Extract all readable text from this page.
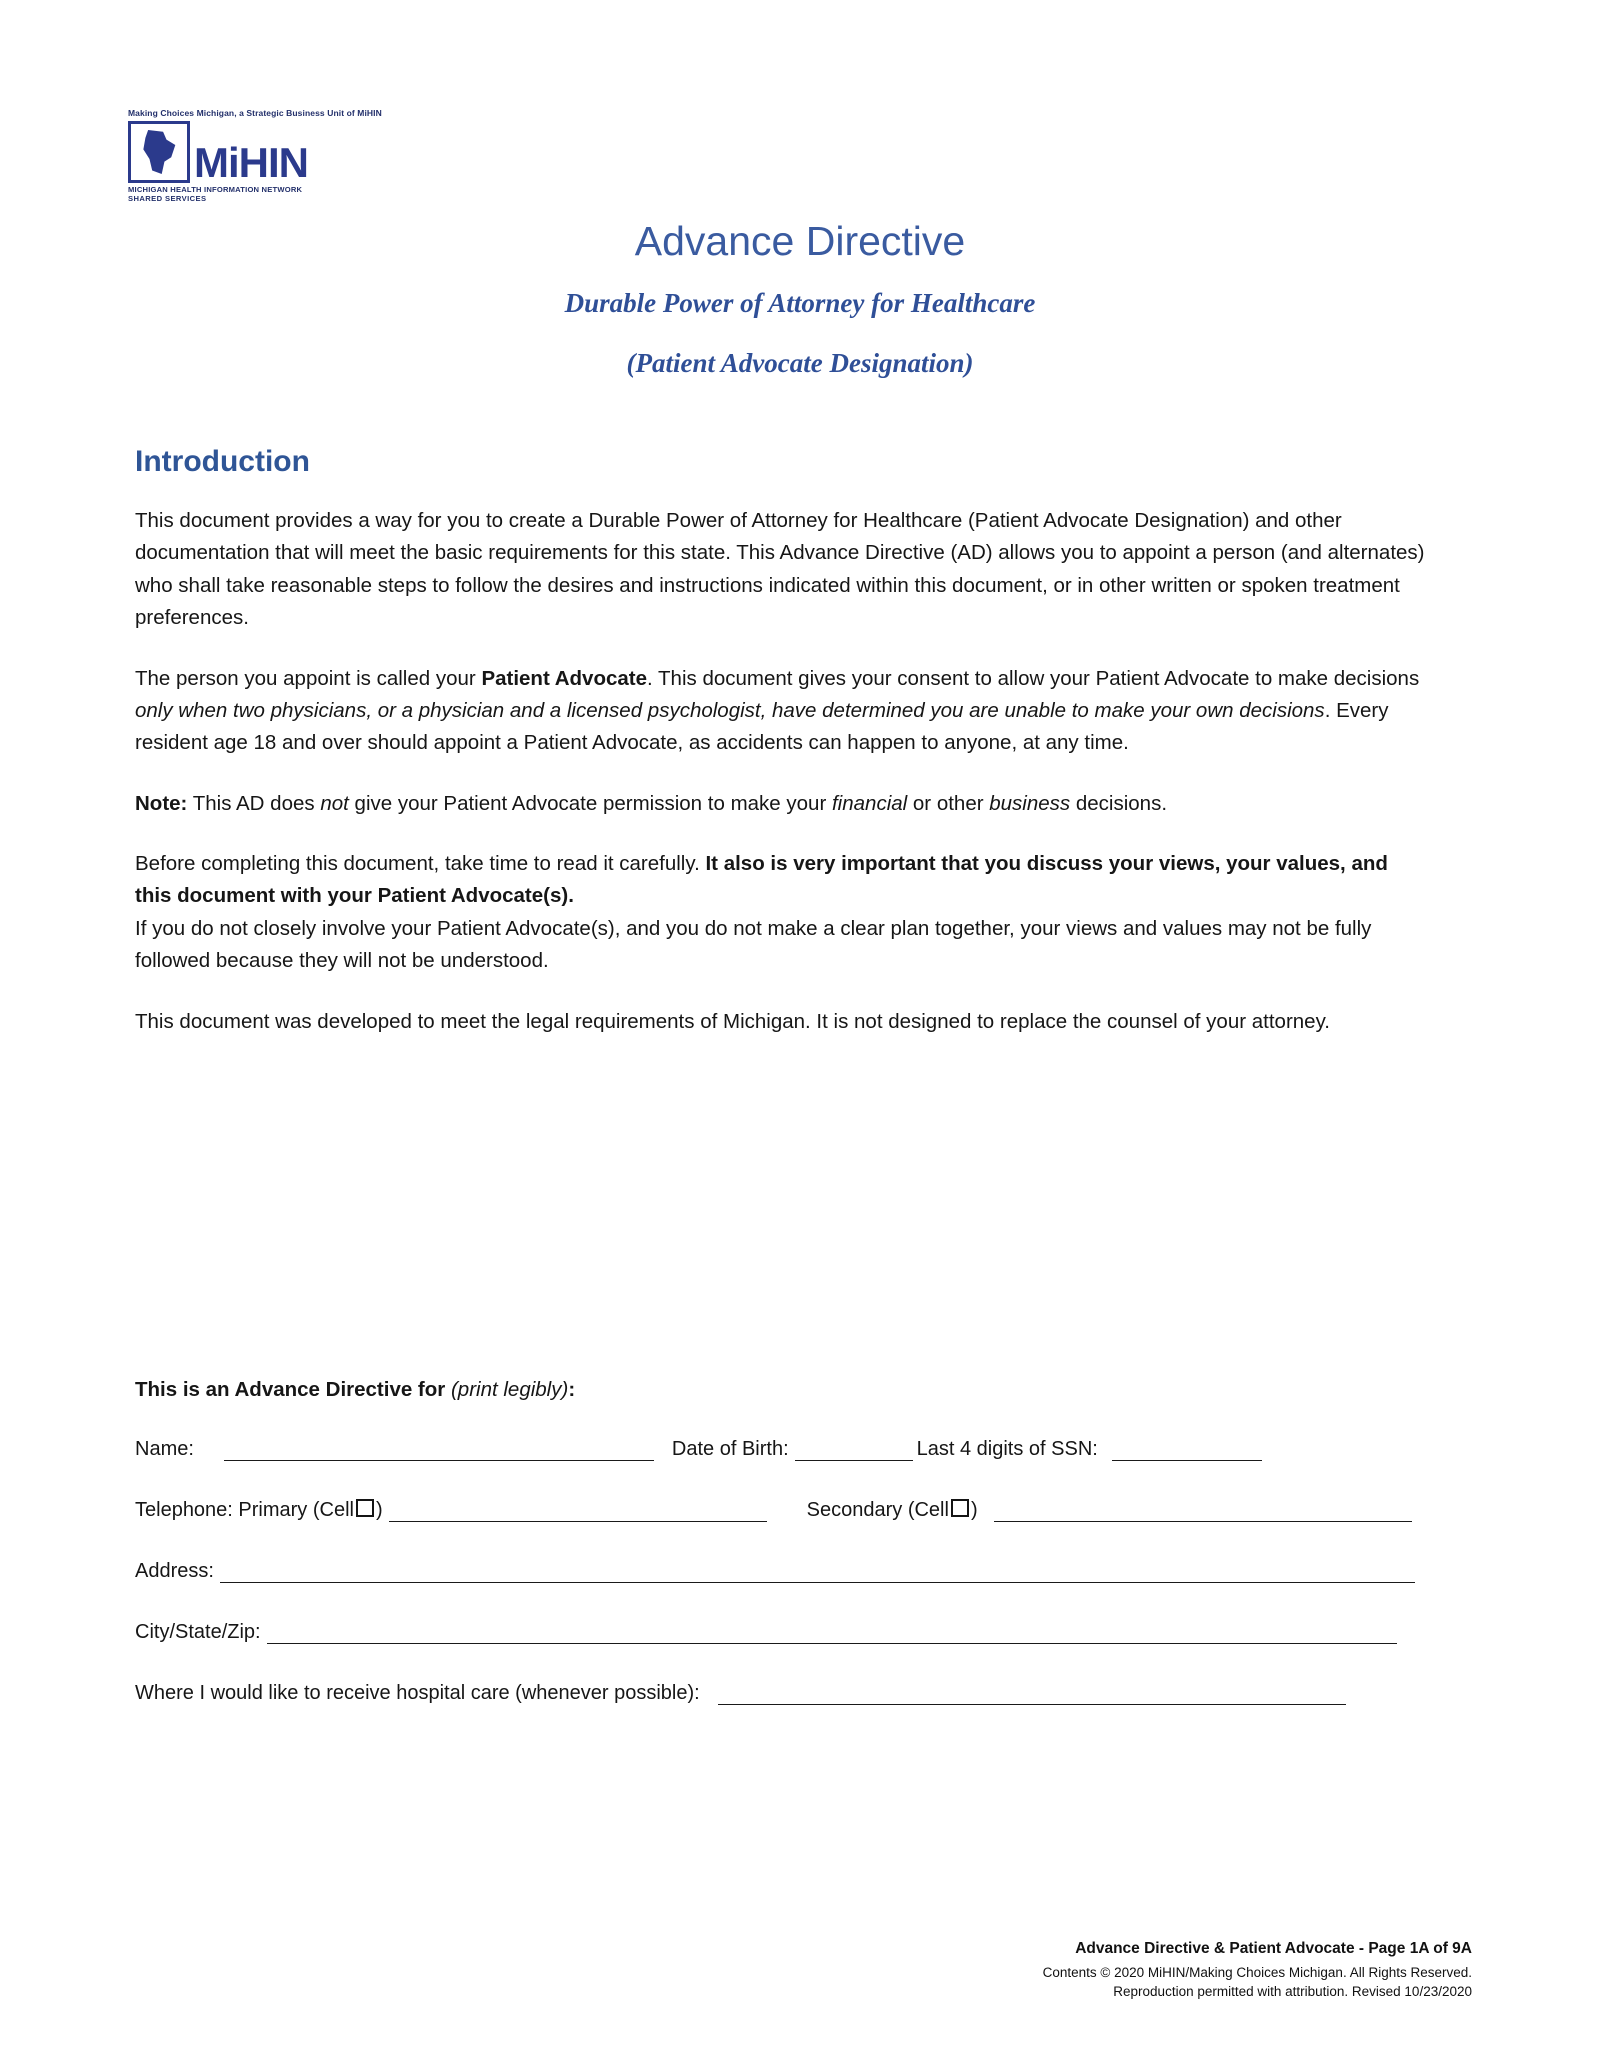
Making Choices Michigan, a Strategic Business Unit of MiHIN
MiHIN
MICHIGAN HEALTH INFORMATION NETWORK
SHARED SERVICES
Advance Directive
Durable Power of Attorney for Healthcare
(Patient Advocate Designation)
Introduction

This document provides a way for you to create a Durable Power of Attorney for Healthcare (Patient Advocate Designation) and other documentation that will meet the basic requirements for this state. This Advance Directive (AD) allows you to appoint a person (and alternates) who shall take reasonable steps to follow the desires and instructions indicated within this document, or in other written or spoken treatment preferences.

The person you appoint is called your Patient Advocate. This document gives your consent to allow your Patient Advocate to make decisions only when two physicians, or a physician and a licensed psychologist, have determined you are unable to make your own decisions. Every resident age 18 and over should appoint a Patient Advocate, as accidents can happen to anyone, at any time.

Note: This AD does not give your Patient Advocate permission to make your financial or other business decisions.

Before completing this document, take time to read it carefully. It also is very important that you discuss your views, your values, and this document with your Patient Advocate(s).

If you do not closely involve your Patient Advocate(s), and you do not make a clear plan together, your views and values may not be fully followed because they will not be understood.

This document was developed to meet the legal requirements of Michigan. It is not designed to replace the counsel of your attorney.

This is an Advance Directive for (print legibly):
Name:	Date of Birth:	Last 4 digits of SSN:
Telephone: Primary (Cell )	Secondary (Cell )
Address:
City/State/Zip:
Where I would like to receive hospital care (whenever possible):
Advance Directive & Patient Advocate - Page 1A of 9A
Contents © 2020 MiHIN/Making Choices Michigan. All Rights Reserved.
Reproduction permitted with attribution. Revised 10/23/2020
